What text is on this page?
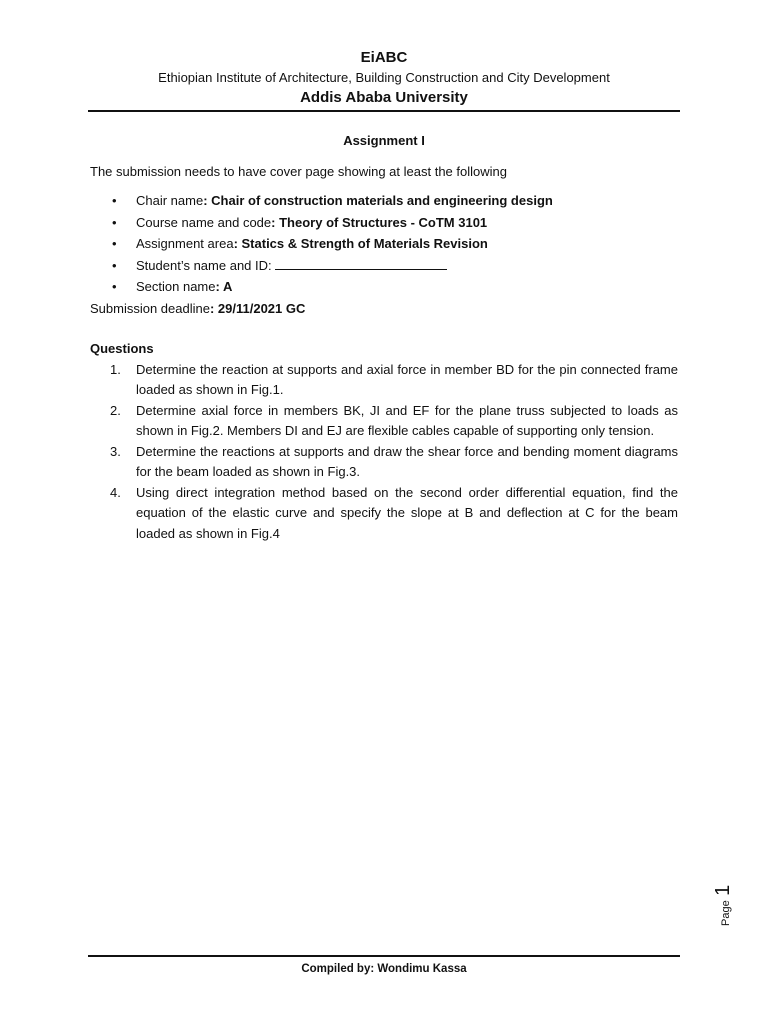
EiABC
Ethiopian Institute of Architecture, Building Construction and City Development
Addis Ababa University
Assignment I
The submission needs to have cover page showing at least the following
• Chair name: Chair of construction materials and engineering design
• Course name and code: Theory of Structures - CoTM 3101
• Assignment area: Statics & Strength of Materials Revision
• Student’s name and ID:
• Section name: A
Submission deadline: 29/11/2021 GC
Questions
1. Determine the reaction at supports and axial force in member BD for the pin connected frame loaded as shown in Fig.1.
2. Determine axial force in members BK, JI and EF for the plane truss subjected to loads as shown in Fig.2. Members DI and EJ are flexible cables capable of supporting only tension.
3. Determine the reactions at supports and draw the shear force and bending moment diagrams for the beam loaded as shown in Fig.3.
4. Using direct integration method based on the second order differential equation, find the equation of the elastic curve and specify the slope at B and deflection at C for the beam loaded as shown in Fig.4
Page 1
Compiled by: Wondimu Kassa
